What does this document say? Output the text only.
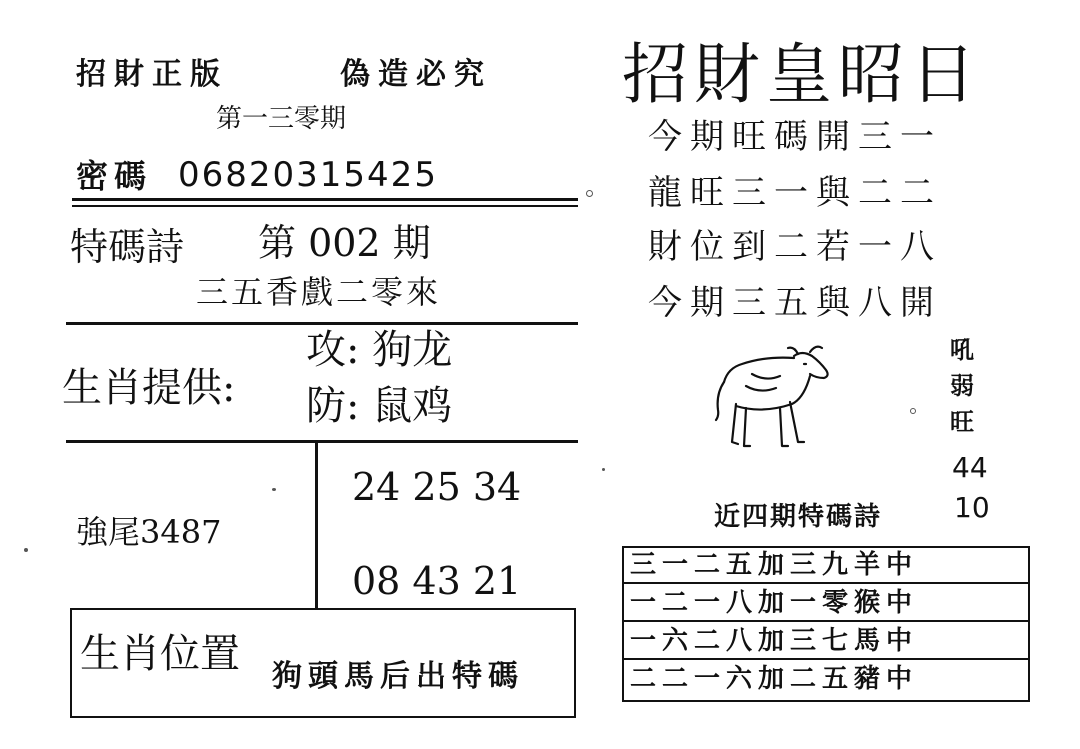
招財正版	偽造必究
第一三零期
密碼 06820315425
特碼詩 第 002 期
三五香戲二零來
生肖提供:
攻: 狗龙
防: 鼠鸡
強尾3487
24 25 34
08 43 21
生肖位置 狗頭馬后出特碼
招財皇昭日
今期旺碼開三一
龍旺三一與二二
財位到二若一八
今期三五與八開
吼
弱
旺
44
10
近四期特碼詩
三一二五加三九羊中
一二一八加一零猴中
一六二八加三七馬中
二二一六加二五豬中
